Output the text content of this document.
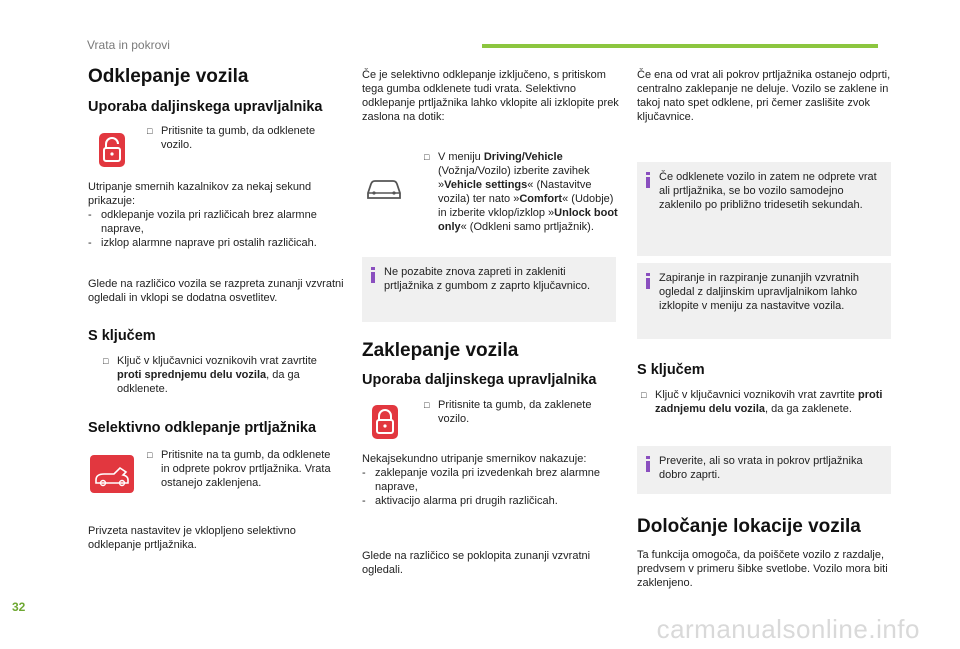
Vrata in pokrovi
Odklepanje vozila
Uporaba daljinskega upravljalnika
□ Pritisnite ta gumb, da odklenete vozilo.

Utripanje smernih kazalnikov za nekaj sekund prikazuje:

- odklepanje vozila pri različicah brez alarmne naprave,
- izklop alarmne naprave pri ostalih različicah.

Glede na različico vozila se razpreta zunanji vzvratni ogledali in vklopi se dodatna osvetlitev.

S ključem
□ Ključ v ključavnici voznikovih vrat zavrtite proti sprednjemu delu vozila, da ga odklenete.
Selektivno odklepanje prtljažnika
□ Pritisnite na ta gumb, da odklenete in odprete pokrov prtljažnika. Vrata ostanejo zaklenjena.

Privzeta nastavitev je vklopljeno selektivno odklepanje prtljažnika.

Če je selektivno odklepanje izključeno, s pritiskom tega gumba odklenete tudi vrata. Selektivno odklepanje prtljažnika lahko vklopite ali izklopite prek zaslona na dotik:

□ V meniju Driving/Vehicle (Vožnja/Vozilo) izberite zavihek »Vehicle settings« (Nastavitve vozila) ter nato »Comfort« (Udobje) in izberite vklop/izklop »Unlock boot only« (Odkleni samo prtljažnik).
Ne pozabite znova zapreti in zakleniti prtljažnika z gumbom z zaprto ključavnico.
Zaklepanje vozila
Uporaba daljinskega upravljalnika
□ Pritisnite ta gumb, da zaklenete vozilo.

Nekajsekundno utripanje smernikov nakazuje:

- zaklepanje vozila pri izvedenkah brez alarmne naprave,
- aktivacijo alarma pri drugih različicah.

Glede na različico se poklopita zunanji vzvratni ogledali.

Če ena od vrat ali pokrov prtljažnika ostanejo odprti, centralno zaklepanje ne deluje. Vozilo se zaklene in takoj nato spet odklene, pri čemer zaslišite zvok ključavnice.

Če odklenete vozilo in zatem ne odprete vrat ali prtljažnika, se bo vozilo samodejno zaklenilo po približno tridesetih sekundah.
Zapiranje in razpiranje zunanjih vzvratnih ogledal z daljinskim upravljalnikom lahko izklopite v meniju za nastavitve vozila.
S ključem
□ Ključ v ključavnici voznikovih vrat zavrtite proti zadnjemu delu vozila, da ga zaklenete.
Preverite, ali so vrata in pokrov prtljažnika dobro zaprti.
Določanje lokacije vozila

Ta funkcija omogoča, da poiščete vozilo z razdalje, predvsem v primeru šibke svetlobe. Vozilo mora biti zaklenjeno.

32
carmanualsonline.info
